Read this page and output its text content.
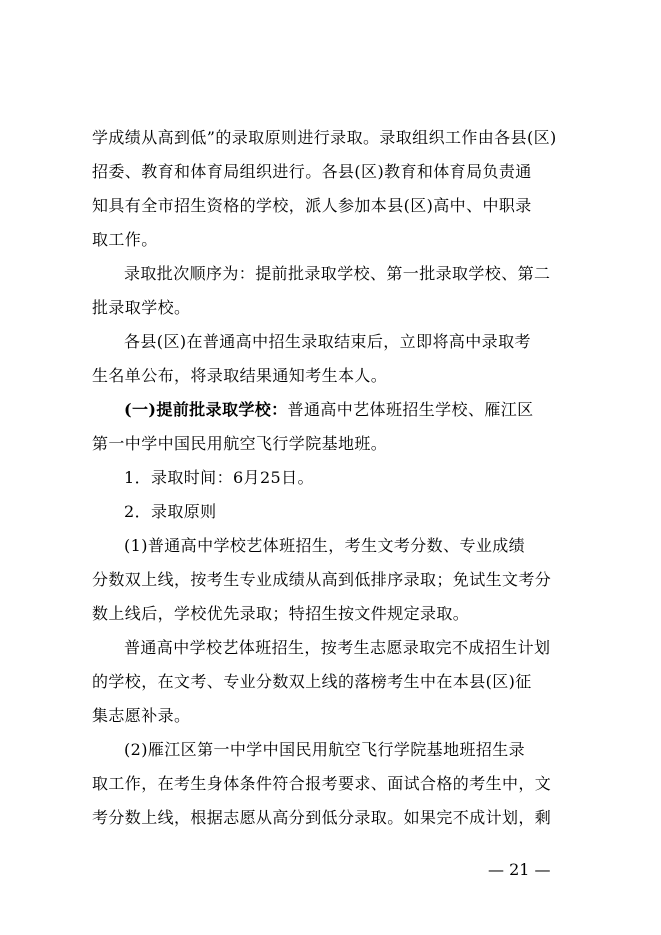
学成绩从高到低”的录取原则进行录取。录取组织工作由各县(区)
招委、教育和体育局组织进行。各县(区)教育和体育局负责通
知具有全市招生资格的学校，派人参加本县(区)高中、中职录
取工作。
录取批次顺序为：提前批录取学校、第一批录取学校、第二
批录取学校。
各县(区)在普通高中招生录取结束后，立即将高中录取考
生名单公布，将录取结果通知考生本人。
(一)提前批录取学校：普通高中艺体班招生学校、雁江区
第一中学中国民用航空飞行学院基地班。
1．录取时间：6月25日。
2．录取原则
(1)普通高中学校艺体班招生，考生文考分数、专业成绩
分数双上线，按考生专业成绩从高到低排序录取；免试生文考分
数上线后，学校优先录取；特招生按文件规定录取。
普通高中学校艺体班招生，按考生志愿录取完不成招生计划
的学校，在文考、专业分数双上线的落榜考生中在本县(区)征
集志愿补录。
(2)雁江区第一中学中国民用航空飞行学院基地班招生录
取工作，在考生身体条件符合报考要求、面试合格的考生中，文
考分数上线，根据志愿从高分到低分录取。如果完不成计划，剩
— 21 —
